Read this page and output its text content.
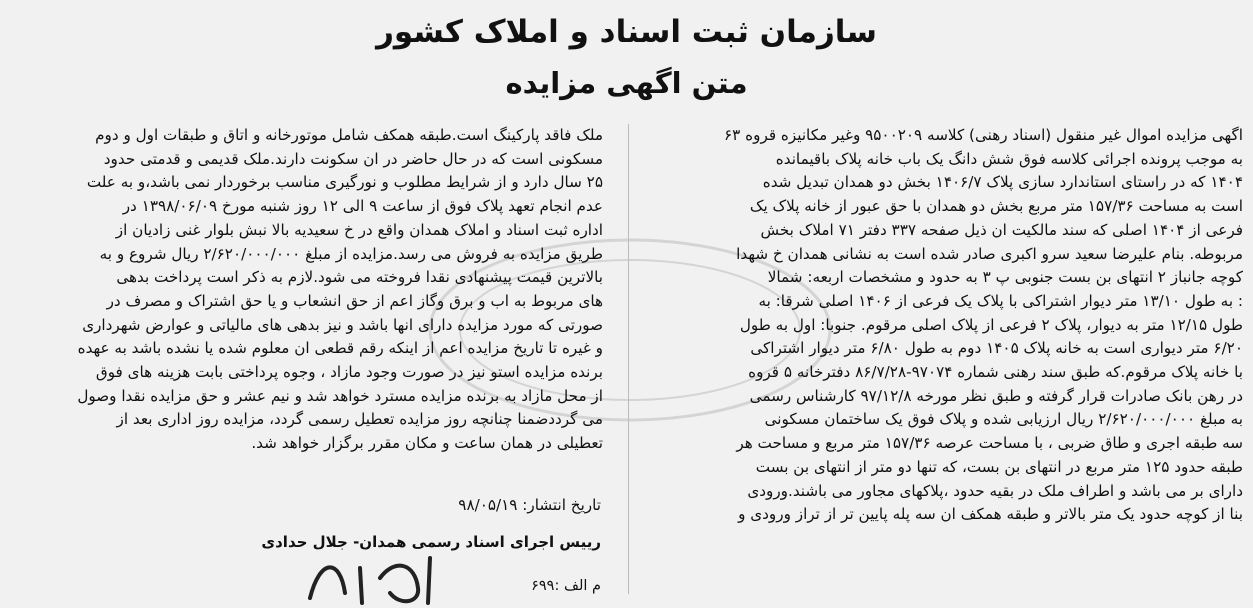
سازمان ثبت اسناد و املاک کشور
متن اگهی مزایده
اگهی مزایده اموال غیر منقول (اسناد رهنی) کلاسه ۹۵۰۰۲۰۹ وغیر مکانیزه قروه ۶۳
به موجب پرونده اجرائی کلاسه فوق شش دانگ یک باب خانه پلاک باقیمانده
۱۴۰۴ که در راستای استاندارد سازی پلاک ۱۴۰۶/۷ بخش دو همدان تبدیل شده
است به مساحت ۱۵۷/۳۶ متر مربع بخش دو همدان با حق عبور از خانه پلاک یک
فرعی از ۱۴۰۴ اصلی که سند مالکیت ان ذیل صفحه ۳۳۷ دفتر ۷۱ املاک بخش
مربوطه. بنام علیرضا سعید سرو اکبری صادر شده است به نشانی همدان خ شهدا
کوچه جانباز ۲ انتهای بن بست جنوبی پ ۳ به حدود و مشخصات اربعه: شمالا
: به طول ۱۳/۱۰ متر دیوار اشتراکی با پلاک یک فرعی از ۱۴۰۶ اصلی شرقا: به
طول ۱۲/۱۵ متر به دیوار، پلاک ۲ فرعی از پلاک اصلی مرقوم. جنوبا: اول به طول
۶/۲۰ متر دیواری است به خانه پلاک ۱۴۰۵ دوم به طول ۶/۸۰ متر دیوار اشتراکی
با خانه پلاک مرقوم.که طبق سند رهنی شماره ۹۷۰۷۴-۸۶/۷/۲۸ دفترخانه ۵ قروه
در رهن بانک صادرات قرار گرفته و طبق نظر مورخه ۹۷/۱۲/۸ کارشناس رسمی
به مبلغ ۲/۶۲۰/۰۰۰/۰۰۰ ریال ارزیابی شده و پلاک فوق یک ساختمان مسکونی
سه طبقه اجری و طاق ضربی ، با مساحت عرصه ۱۵۷/۳۶ متر مربع و مساحت هر
طبقه حدود ۱۲۵ متر مربع در انتهای بن بست، که تنها دو متر از انتهای بن بست
دارای بر می باشد و اطراف ملک در بقیه حدود ،پلاکهای مجاور می باشند.ورودی
بنا از کوچه حدود یک متر بالاتر و طبقه همکف ان سه پله پایین تر از تراز ورودی و
ملک فاقد پارکینگ است.طبقه همکف شامل موتورخانه و اتاق و طبقات اول و دوم
مسکونی است که در حال حاضر در ان سکونت دارند.ملک قدیمی و قدمتی حدود
۲۵ سال دارد و از شرایط مطلوب و نورگیری مناسب برخوردار نمی باشد،و به علت
عدم انجام تعهد پلاک فوق از ساعت ۹ الی ۱۲ روز شنبه مورخ ۱۳۹۸/۰۶/۰۹ در
اداره ثبت اسناد و املاک همدان واقع در خ سعیدیه بالا نبش بلوار غنی زادیان از
طریق مزایده به فروش می رسد.مزایده از مبلغ ۲/۶۲۰/۰۰۰/۰۰۰ ریال شروع و به
بالاترین قیمت پیشنهادی نقدا فروخته می شود.لازم به ذکر است پرداخت بدهی
های مربوط به اب و برق وگاز اعم از حق انشعاب و یا حق اشتراک و مصرف در
صورتی که مورد مزایده دارای انها باشد و نیز بدهی های مالیاتی و عوارض شهرداری
و غیره تا تاریخ مزایده اعم از اینکه رقم قطعی ان معلوم شده یا نشده باشد به عهده
برنده مزایده استو نیز در صورت وجود مازاد ، وجوه پرداختی بابت هزینه های فوق
از محل مازاد به برنده مزایده مسترد خواهد شد و نیم عشر و حق مزایده نقدا وصول
می گرددضمنا چنانچه روز مزایده تعطیل رسمی گردد، مزایده روز اداری بعد از
تعطیلی در همان ساعت و مکان مقرر برگزار خواهد شد.
تاریخ انتشار: ۹۸/۰۵/۱۹
رییس اجرای اسناد رسمی همدان- جلال حدادی
م الف :۶۹۹
